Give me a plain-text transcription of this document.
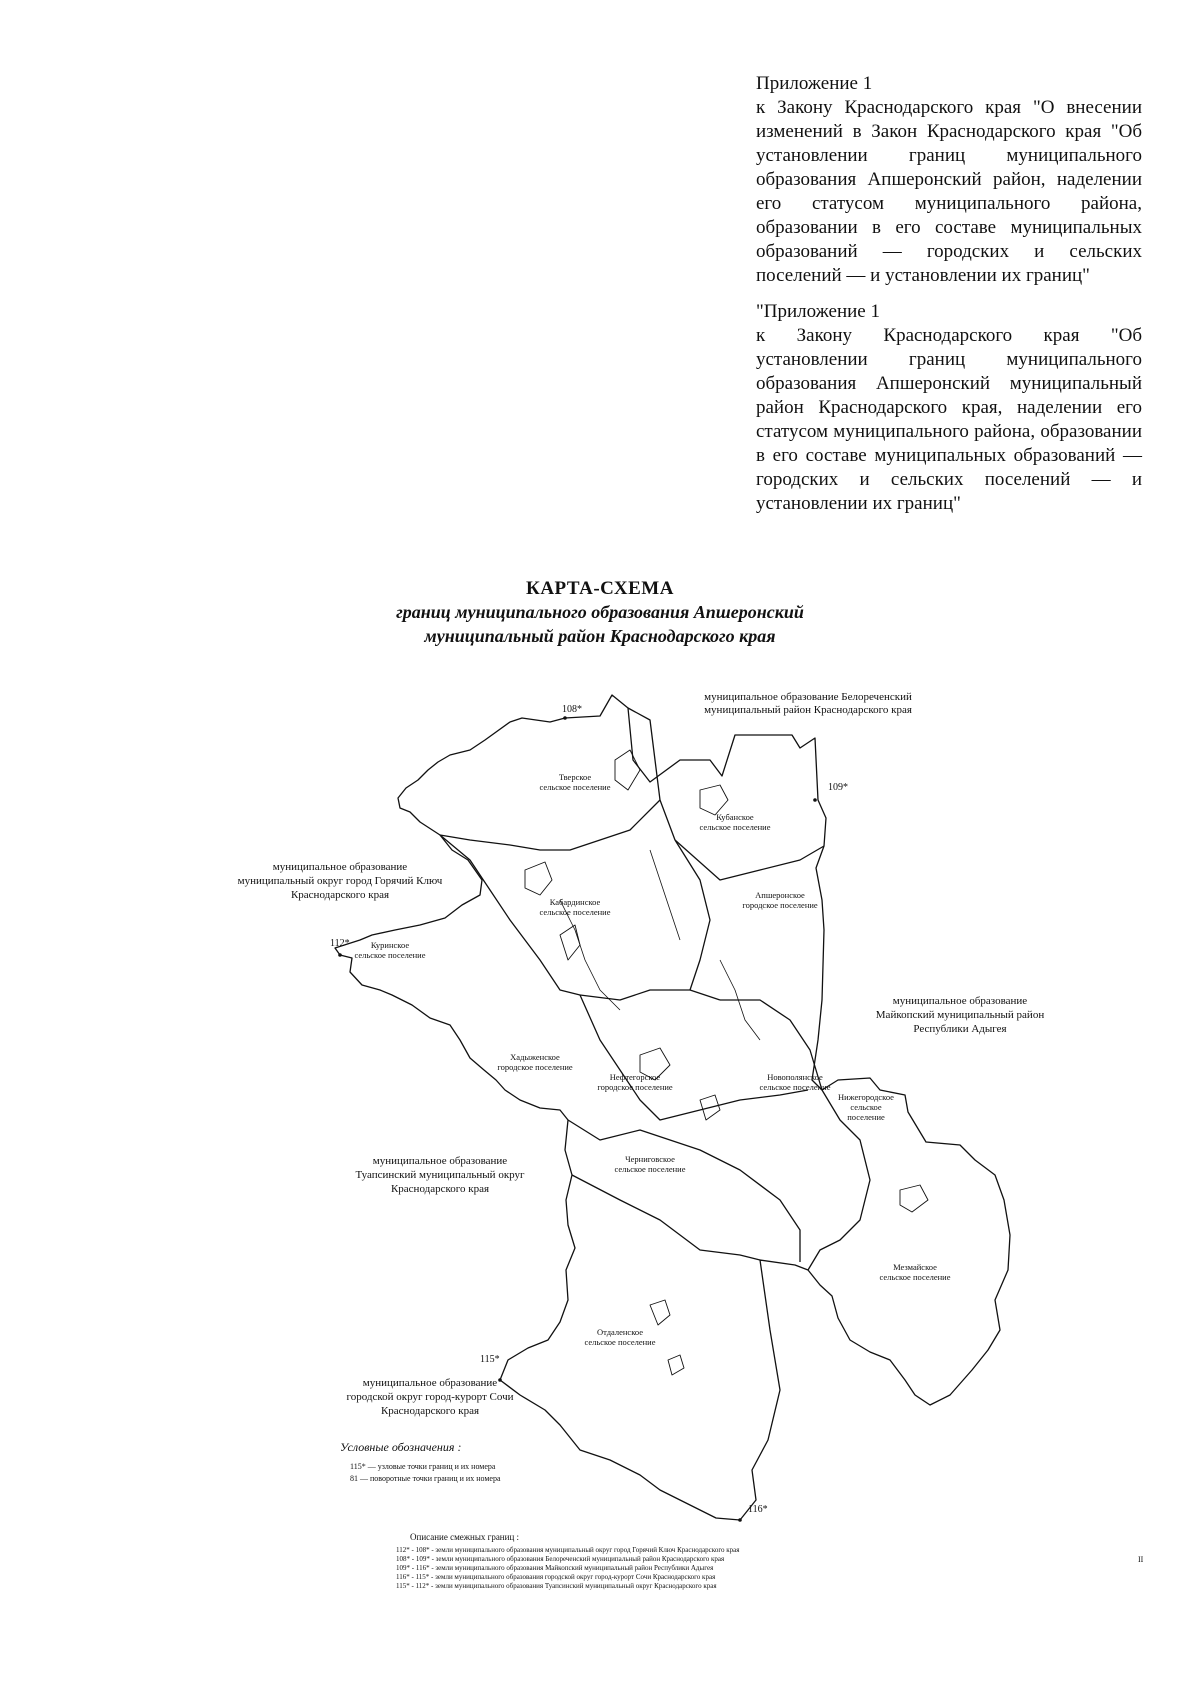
Приложение 1
к Закону Краснодарского края "О внесении изменений в Закон Краснодарского края "Об установлении границ муниципального образования Апшеронский район, наделении его статусом муниципального района, образовании в его составе муниципальных образований — городских и сельских поселений — и установлении их границ"
"Приложение 1
к Закону Краснодарского края "Об установлении границ муниципального образования Апшеронский муниципальный район Краснодарского края, наделении его статусом муниципального района, образовании в его составе муниципальных образований — городских и сельских поселений — и установлении их границ"
КАРТА-СХЕМА
границ муниципального образования Апшеронский
муниципальный район Краснодарского края
муниципальное образование Белореченский
муниципальный район Краснодарского края
муниципальное образование
муниципальный округ город Горячий Ключ
Краснодарского края
муниципальное образование
Майкопский муниципальный район
Республики Адыгея
муниципальное образование
Туапсинский муниципальный округ
Краснодарского края
муниципальное образование
городской округ город-курорт Сочи
Краснодарского края
Тверское
сельское поселение
Кубанское
сельское поселение
Апшеронское
городское поселение
Кабардинское
сельское поселение
Куринское
сельское поселение
Хадыженское
городское поселение
Нефтегорское
городское поселение
Новополянское
сельское поселение
Нижегородское
сельское
поселение
Черниговское
сельское поселение
Мезмайское
сельское поселение
Отдаленское
сельское поселение
108*
109*
112*
115*
116*
Условные обозначения :
115* — узловые точки границ и их номера
81 — поворотные точки границ и их номера
Описание смежных границ :
112* - 108* - земли муниципального образования муниципальный округ город Горячий Ключ Краснодарского края
108* - 109* - земли муниципального образования Белореченский муниципальный район Краснодарского края
109* - 116* - земли муниципального образования Майкопский муниципальный район Республики Адыгея
116* - 115* - земли муниципального образования городской округ город-курорт Сочи Краснодарского края
115* - 112* - земли муниципального образования Туапсинский муниципальный округ Краснодарского края
II
